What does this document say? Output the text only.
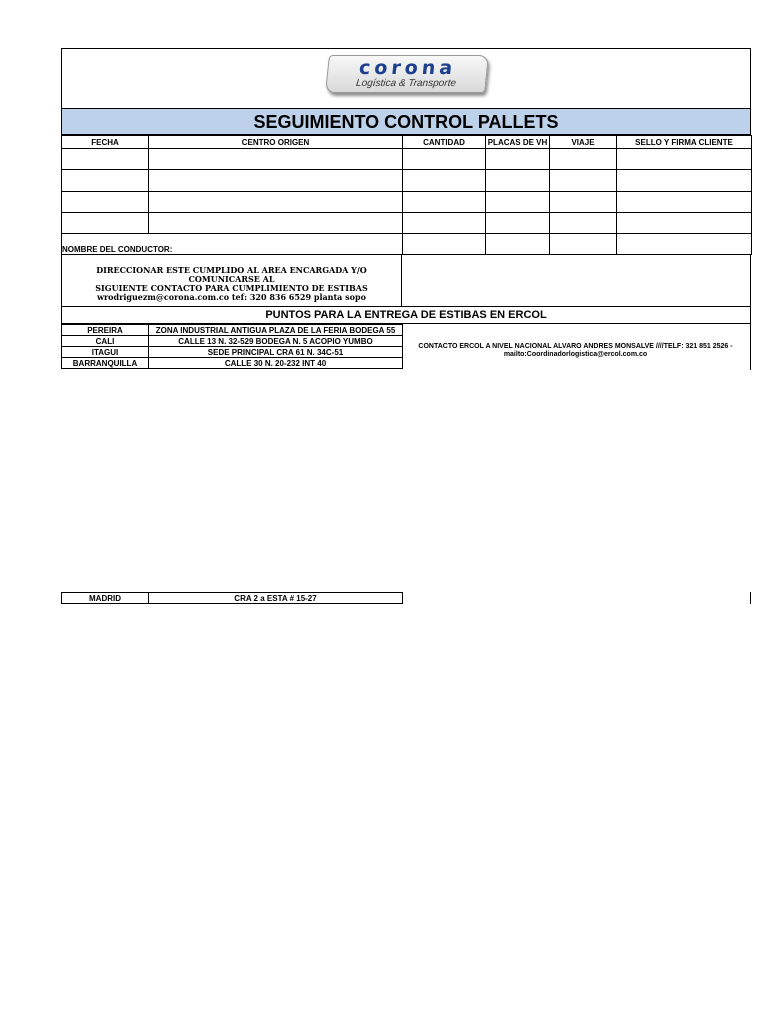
corona
Logística & Transporte
SEGUIMIENTO CONTROL PALLETS
FECHA	CENTRO ORIGEN	CANTIDAD	PLACAS DE VH	VIAJE	SELLO Y FIRMA CLIENTE

NOMBRE DEL CONDUCTOR:					
DIRECCIONAR ESTE CUMPLIDO AL AREA ENCARGADA Y/O COMUNICARSE AL
SIGUIENTE CONTACTO PARA CUMPLIMIENTO DE ESTIBAS
wrodriguezm@corona.com.co tef: 320 836 6529 planta sopo
PUNTOS PARA LA ENTREGA DE ESTIBAS EN ERCOL
PEREIRA	ZONA INDUSTRIAL ANTIGUA PLAZA DE LA FERIA BODEGA 55
CALI	CALLE 13 N. 32-529 BODEGA N. 5 ACOPIO YUMBO
ITAGUI	SEDE PRINCIPAL CRA 61 N. 34C-51
BARRANQUILLA	CALLE 30 N. 20-232 INT 40
CONTACTO ERCOL A NIVEL NACIONAL ALVARO ANDRES MONSALVE ////TELF: 321 851 2526 -
mailto:Coordinadorlogistica@ercol.com.co
MADRID	CRA 2 a ESTA # 15-27
